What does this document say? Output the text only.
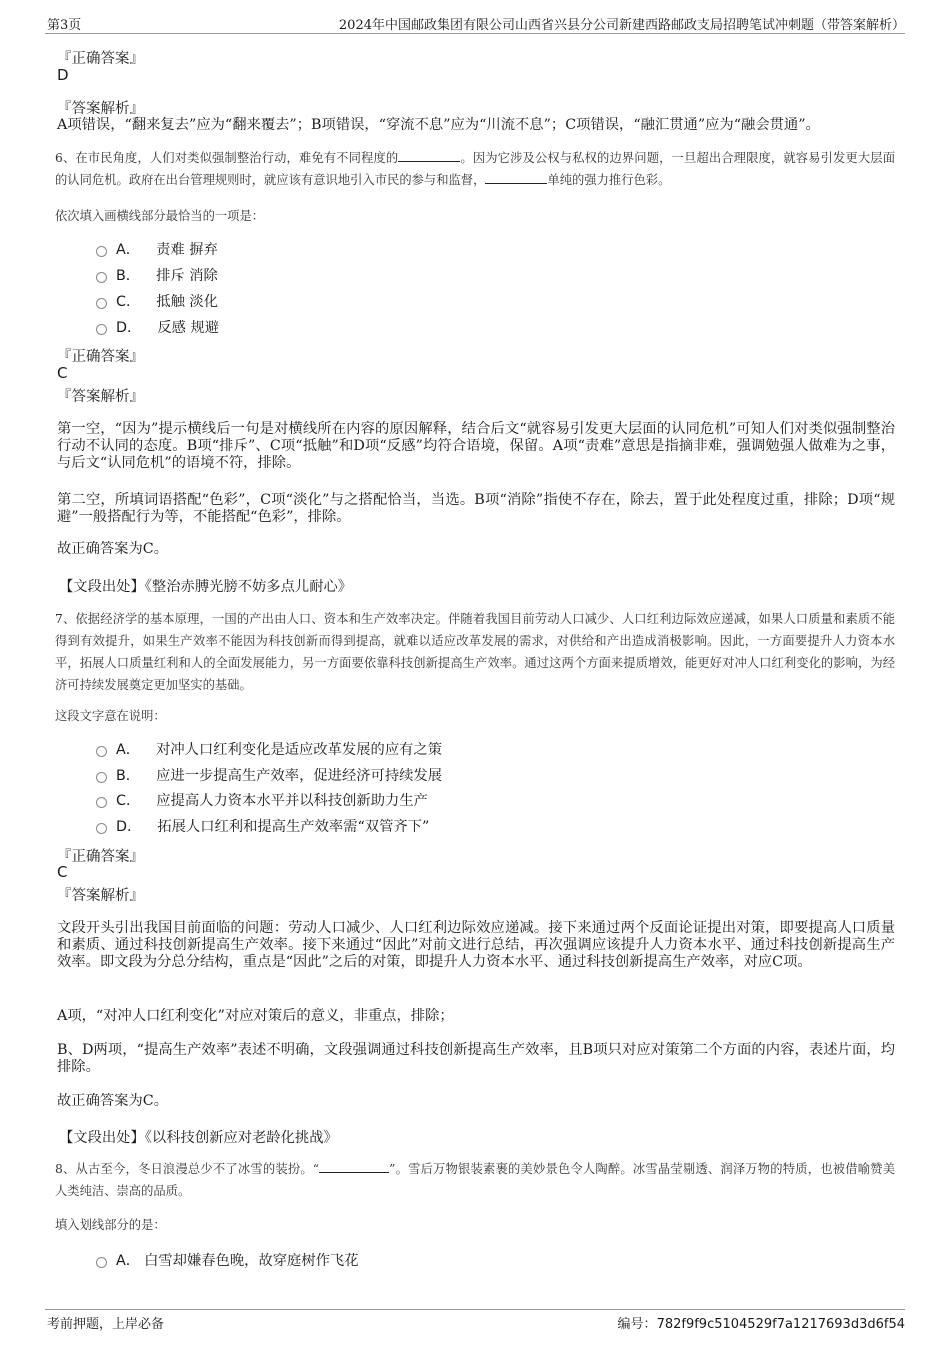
第3页	2024年中国邮政集团有限公司山西省兴县分公司新建西路邮政支局招聘笔试冲刺题（带答案解析）
『正确答案』
D
『答案解析』
A项错误，“翻来复去”应为“翻来覆去”；B项错误，“穿流不息”应为“川流不息”；C项错误，“融汇贯通”应为“融会贯通”。
6、在市民角度，人们对类似强制整治行动，难免有不同程度的	。因为它涉及公权与私权的边界问题，一旦超出合理限度，就容易引发更大层面的认同危机。政府在出台管理规则时，就应该有意识地引入市民的参与和监督，	单纯的强力推行色彩。
依次填入画横线部分最恰当的一项是：
A． 责难 摒弃
B． 排斥 消除
C． 抵触 淡化
D． 反感 规避
『正确答案』
C
『答案解析』
第一空，“因为”提示横线后一句是对横线所在内容的原因解释，结合后文“就容易引发更大层面的认同危机”可知人们对类似强制整治行动不认同的态度。B项“排斥”、C项“抵触”和D项“反感”均符合语境，保留。A项“责难”意思是指摘非难，强调勉强人做难为之事，与后文“认同危机”的语境不符，排除。
第二空，所填词语搭配“色彩”，C项“淡化”与之搭配恰当，当选。B项“消除”指使不存在，除去，置于此处程度过重，排除；D项“规避”一般搭配行为等，不能搭配“色彩”，排除。
故正确答案为C。
【文段出处】《整治赤膊光膀不妨多点儿耐心》
7、依据经济学的基本原理，一国的产出由人口、资本和生产效率决定。伴随着我国目前劳动人口减少、人口红利边际效应递减，如果人口质量和素质不能得到有效提升，如果生产效率不能因为科技创新而得到提高，就难以适应改革发展的需求，对供给和产出造成消极影响。因此，一方面要提升人力资本水平，拓展人口质量红利和人的全面发展能力，另一方面要依靠科技创新提高生产效率。通过这两个方面来提质增效，能更好对冲人口红利变化的影响，为经济可持续发展奠定更加坚实的基础。
这段文字意在说明：
A． 对冲人口红利变化是适应改革发展的应有之策
B． 应进一步提高生产效率，促进经济可持续发展
C． 应提高人力资本水平并以科技创新助力生产
D． 拓展人口红利和提高生产效率需“双管齐下”
『正确答案』
C
『答案解析』
文段开头引出我国目前面临的问题：劳动人口减少、人口红利边际效应递减。接下来通过两个反面论证提出对策，即要提高人口质量和素质、通过科技创新提高生产效率。接下来通过“因此”对前文进行总结，再次强调应该提升人力资本水平、通过科技创新提高生产效率。即文段为分总分结构，重点是“因此”之后的对策，即提升人力资本水平、通过科技创新提高生产效率，对应C项。
A项，“对冲人口红利变化”对应对策后的意义，非重点，排除；
B、D两项，“提高生产效率”表述不明确，文段强调通过科技创新提高生产效率，且B项只对应对策第二个方面的内容，表述片面，均排除。
故正确答案为C。
【文段出处】《以科技创新应对老龄化挑战》
8、从古至今，冬日浪漫总少不了冰雪的装扮。“	”。雪后万物银装素裹的美妙景色令人陶醉。冰雪晶莹剔透、润泽万物的特质，也被借喻赞美人类纯洁、崇高的品质。
填入划线部分的是：
A． 白雪却嫌春色晚，故穿庭树作飞花
考前押题，上岸必备	编号：782f9f9c5104529f7a1217693d3d6f54
